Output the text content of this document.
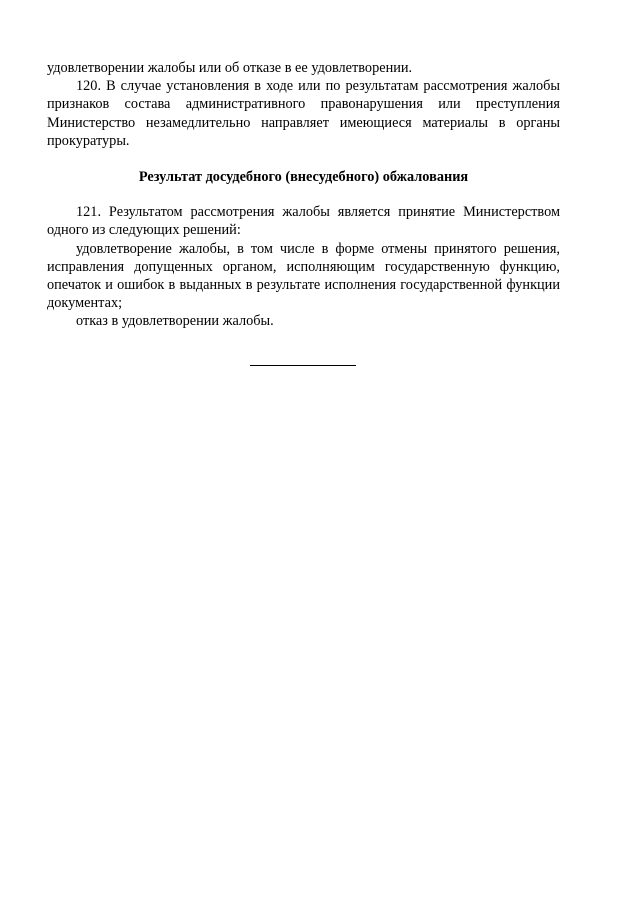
удовлетворении жалобы или об отказе в ее удовлетворении.

120. В случае установления в ходе или по результатам рассмотрения жалобы признаков состава административного правонарушения или преступления Министерство незамедлительно направляет имеющиеся материалы в органы прокуратуры.

Результат досудебного (внесудебного) обжалования

121. Результатом рассмотрения жалобы является принятие Министерством одного из следующих решений:

удовлетворение жалобы, в том числе в форме отмены принятого решения, исправления допущенных органом, исполняющим государственную функцию, опечаток и ошибок в выданных в результате исполнения государственной функции документах;

отказ в удовлетворении жалобы.
